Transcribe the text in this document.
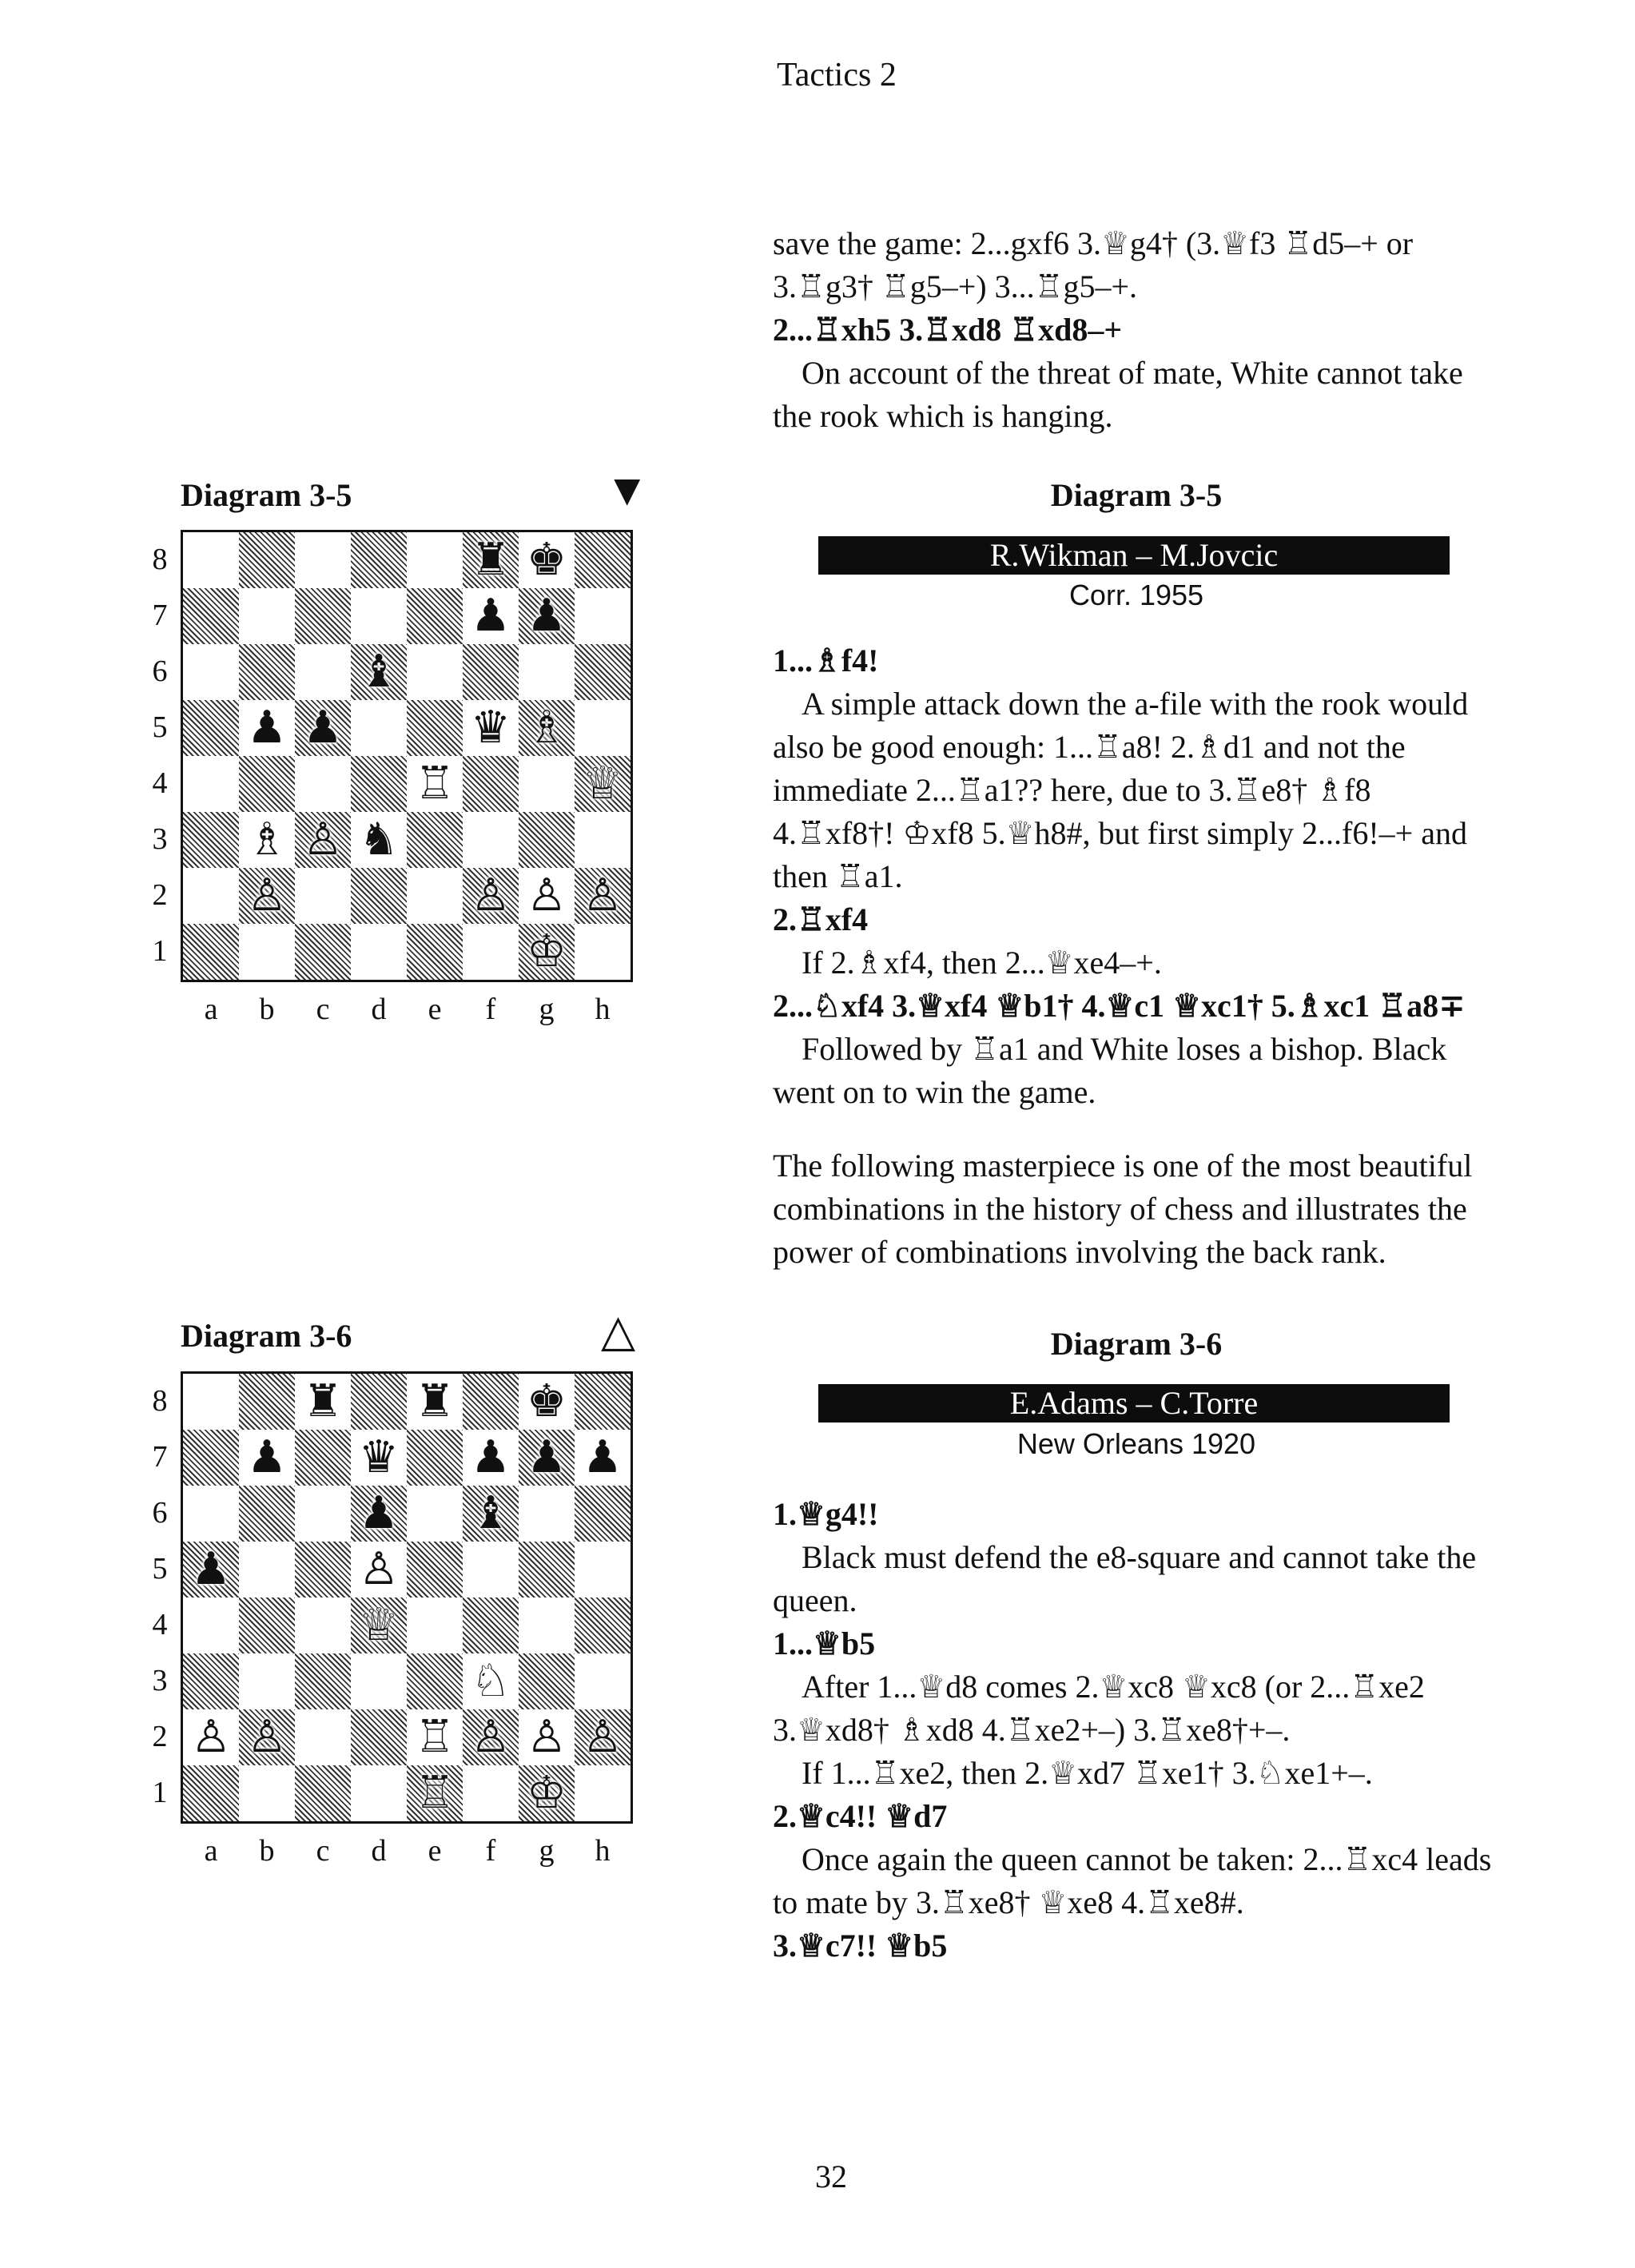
Tactics 2

save the game: 2...gxf6 3.♕g4† (3.♕f3 ♖d5–+ or

3.♖g3† ♖g5–+) 3...♖g5–+.

2...♖xh5 3.♖xd8 ♖xd8–+

On account of the threat of mate, White cannot take the rook which is hanging.

Diagram 3-5	▼
8
7
6
5
4
3
2
1
♜ ♚
♟ ♟
♝
♟ ♟	♛ ♗
♖	♕
♗ ♙ ♞
♙	♙ ♙ ♙
♔
a	b	c	d	e	f	g	h
Diagram 3-5
R.Wikman – M.Jovcic
Corr. 1955

1...♗f4!

A simple attack down the a-file with the rook would also be good enough: 1...♖a8! 2.♗d1 and not the immediate 2...♖a1?? here, due to 3.♖e8† ♗f8 4.♖xf8†! ♔xf8 5.♕h8#, but first simply 2...f6!–+ and then ♖a1.

2.♖xf4

If 2.♗xf4, then 2...♕xe4–+.

2...♘xf4 3.♕xf4 ♕b1† 4.♕c1 ♕xc1† 5.♗xc1 ♖a8∓

Followed by ♖a1 and White loses a bishop. Black went on to win the game.

The following masterpiece is one of the most beautiful combinations in the history of chess and illustrates the power of combinations involving the back rank.

Diagram 3-6	△
8
7
6
5
4
3
2
1
♜ ♜ ♚
♟ ♛ ♟ ♟ ♟
♟ ♝
♟	♙
♕
♘
♙ ♙	♖ ♙ ♙ ♙
♖ ♔
a	b	c	d	e	f	g	h
Diagram 3-6
E.Adams – C.Torre
New Orleans 1920

1.♕g4!!

Black must defend the e8-square and cannot take the queen.

1...♕b5

After 1...♕d8 comes 2.♕xc8 ♕xc8 (or 2...♖xe2 3.♕xd8† ♗xd8 4.♖xe2+–) 3.♖xe8†+–.

If 1...♖xe2, then 2.♕xd7 ♖xe1† 3.♘xe1+–.

2.♕c4!! ♕d7

Once again the queen cannot be taken: 2...♖xc4 leads to mate by 3.♖xe8† ♕xe8 4.♖xe8#.

3.♕c7!! ♕b5

32
